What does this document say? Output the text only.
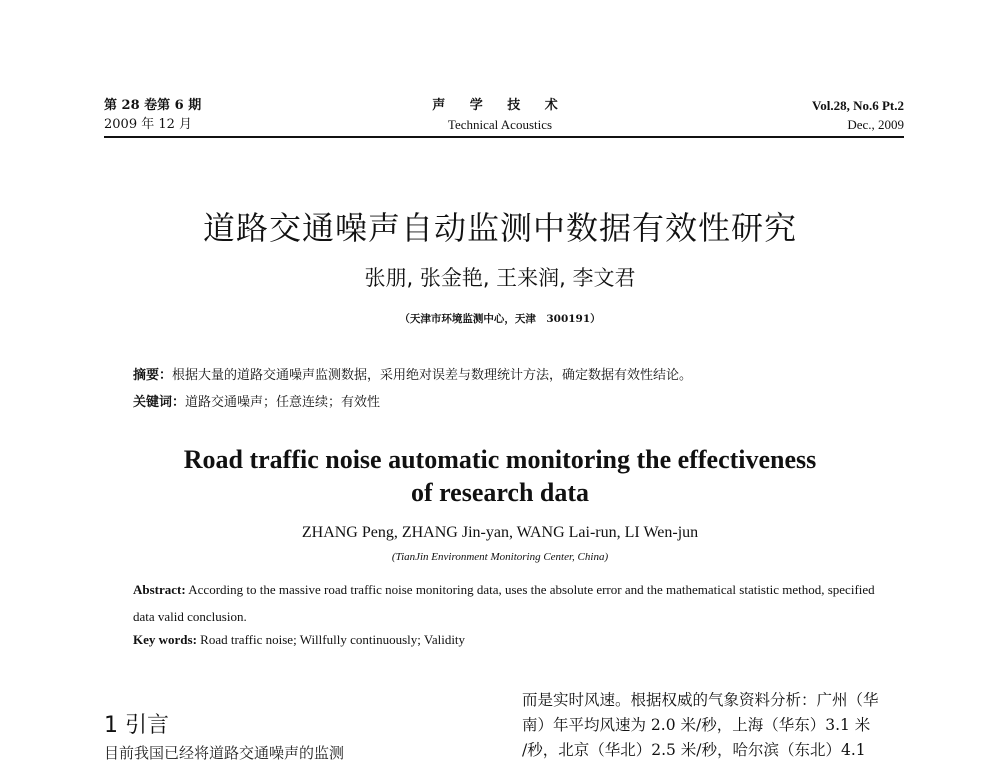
第 28 卷第 6 期
2009 年 12 月
声 学 技 术
Technical Acoustics
Vol.28, No.6 Pt.2
Dec., 2009
道路交通噪声自动监测中数据有效性研究
张朋, 张金艳, 王来润, 李文君
（天津市环境监测中心，天津　300191）
摘要：根据大量的道路交通噪声监测数据，采用绝对误差与数理统计方法，确定数据有效性结论。
关键词：道路交通噪声；任意连续；有效性
Road traffic noise automatic monitoring the effectiveness
of research data
ZHANG Peng, ZHANG Jin-yan, WANG Lai-run, LI Wen-jun
(TianJin Environment Monitoring Center, China)
Abstract: According to the massive road traffic noise monitoring data, uses the absolute error and the mathematical statistic method, specified data valid conclusion.
Key words: Road traffic noise; Willfully continuously; Validity
1 引言
目前我国已经将道路交通噪声的监测
而是实时风速。根据权威的气象资料分析：广州（华
南）年平均风速为 2.0 米/秒，上海（华东）3.1 米
/秒，北京（华北）2.5 米/秒，哈尔滨（东北）4.1
